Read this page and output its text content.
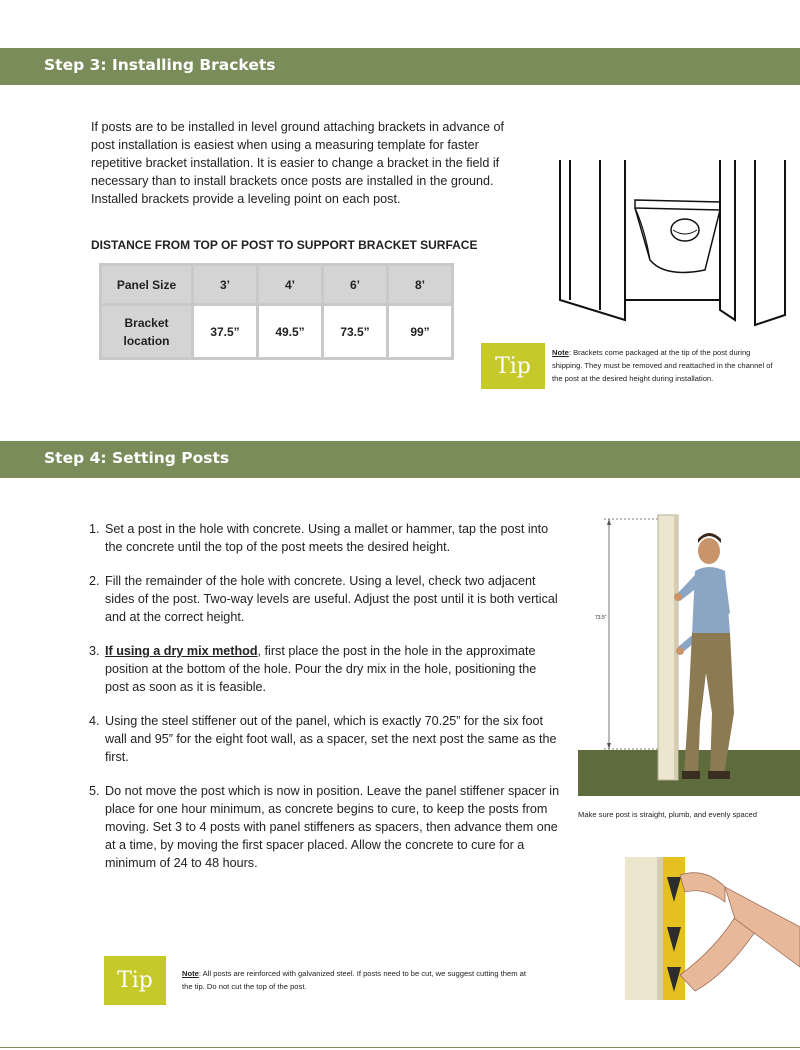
Step 3: Installing Brackets

If posts are to be installed in level ground attaching brackets in advance of post installation is easiest when using a measuring template for faster repetitive bracket installation. It is easier to change a bracket in the field if necessary than to install brackets once posts are installed in the ground. Installed brackets provide a leveling point on each post.

DISTANCE FROM TOP OF POST TO SUPPORT BRACKET SURFACE
Panel Size	3’	4’	6’	8’
Bracket
location	37.5”	49.5”	73.5”	99”
Tip
Note: Brackets come packaged at the tip of the post during shipping. They must be removed and reattached in the channel of the post at the desired height during installation.
Step 4: Setting Posts
1. Set a post in the hole with concrete. Using a mallet or hammer, tap the post into the concrete until the top of the post meets the desired height.
2. Fill the remainder of the hole with concrete. Using a level, check two adjacent sides of the post. Two-way levels are useful. Adjust the post until it is both vertical and at the correct height.
3. If using a dry mix method, first place the post in the hole in the approximate position at the bottom of the hole. Pour the dry mix in the hole, positioning the post as soon as it is feasible.
4. Using the steel stiffener out of the panel, which is exactly 70.25” for the six foot wall and 95” for the eight foot wall, as a spacer, set the next post the same as the first.
5. Do not move the post which is now in position. Leave the panel stiffener spacer in place for one hour minimum, as concrete begins to cure, to keep the posts from moving. Set 3 to 4 posts with panel stiffeners as spacers, then advance them one at a time, by moving the first spacer placed. Allow the concrete to cure for a minimum of 24 to 48 hours.
73.5”
Make sure post is straight, plumb, and evenly spaced
Tip	Note: All posts are reinforced with galvanized steel. If posts need to be cut, we suggest cutting them at the tip. Do not cut the top of the post.
